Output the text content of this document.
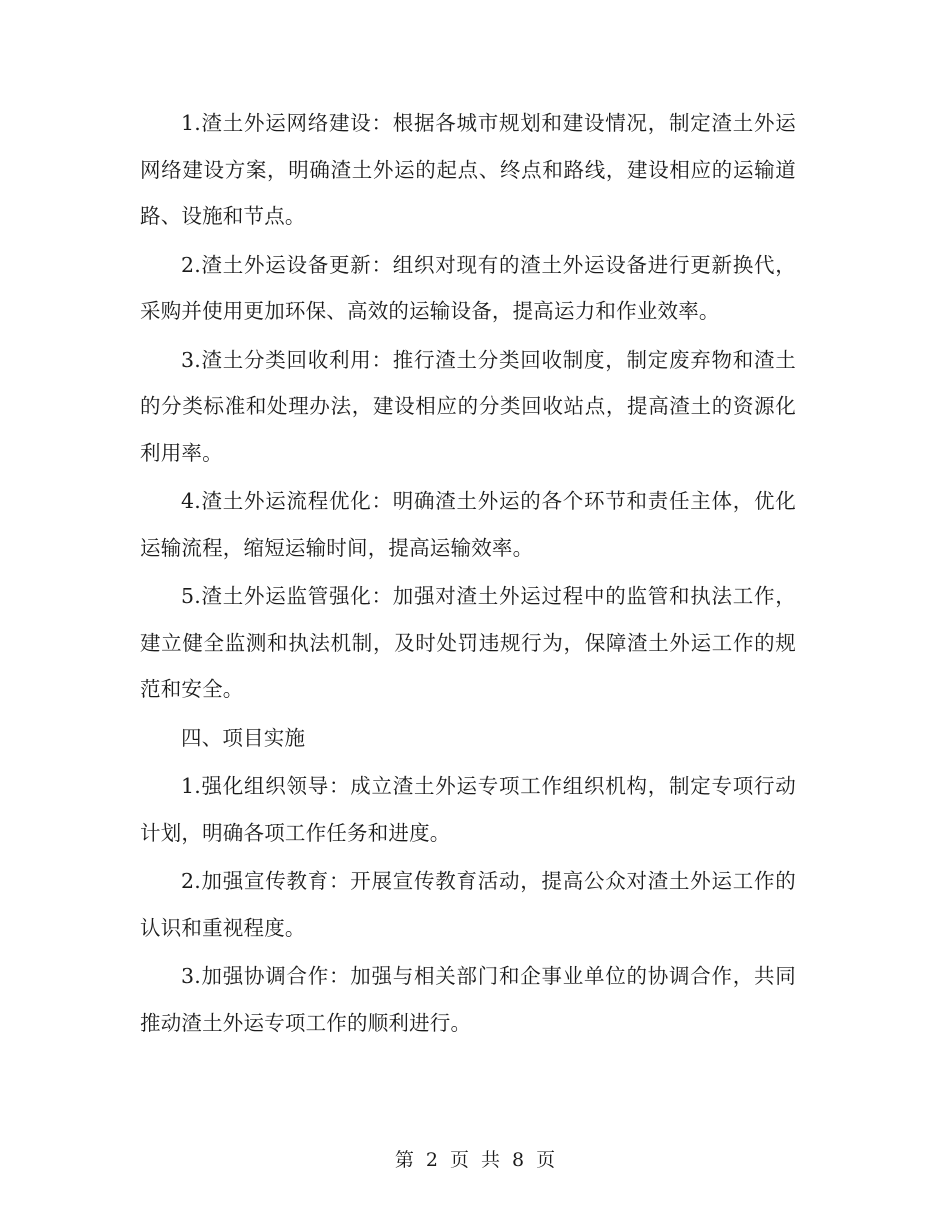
1.渣土外运网络建设：根据各城市规划和建设情况，制定渣土外运网络建设方案，明确渣土外运的起点、终点和路线，建设相应的运输道路、设施和节点。

2.渣土外运设备更新：组织对现有的渣土外运设备进行更新换代，采购并使用更加环保、高效的运输设备，提高运力和作业效率。

3.渣土分类回收利用：推行渣土分类回收制度，制定废弃物和渣土的分类标准和处理办法，建设相应的分类回收站点，提高渣土的资源化利用率。

4.渣土外运流程优化：明确渣土外运的各个环节和责任主体，优化运输流程，缩短运输时间，提高运输效率。

5.渣土外运监管强化：加强对渣土外运过程中的监管和执法工作，建立健全监测和执法机制，及时处罚违规行为，保障渣土外运工作的规范和安全。

四、项目实施

1.强化组织领导：成立渣土外运专项工作组织机构，制定专项行动计划，明确各项工作任务和进度。

2.加强宣传教育：开展宣传教育活动，提高公众对渣土外运工作的认识和重视程度。

3.加强协调合作：加强与相关部门和企事业单位的协调合作，共同推动渣土外运专项工作的顺利进行。

第 2 页 共 8 页
